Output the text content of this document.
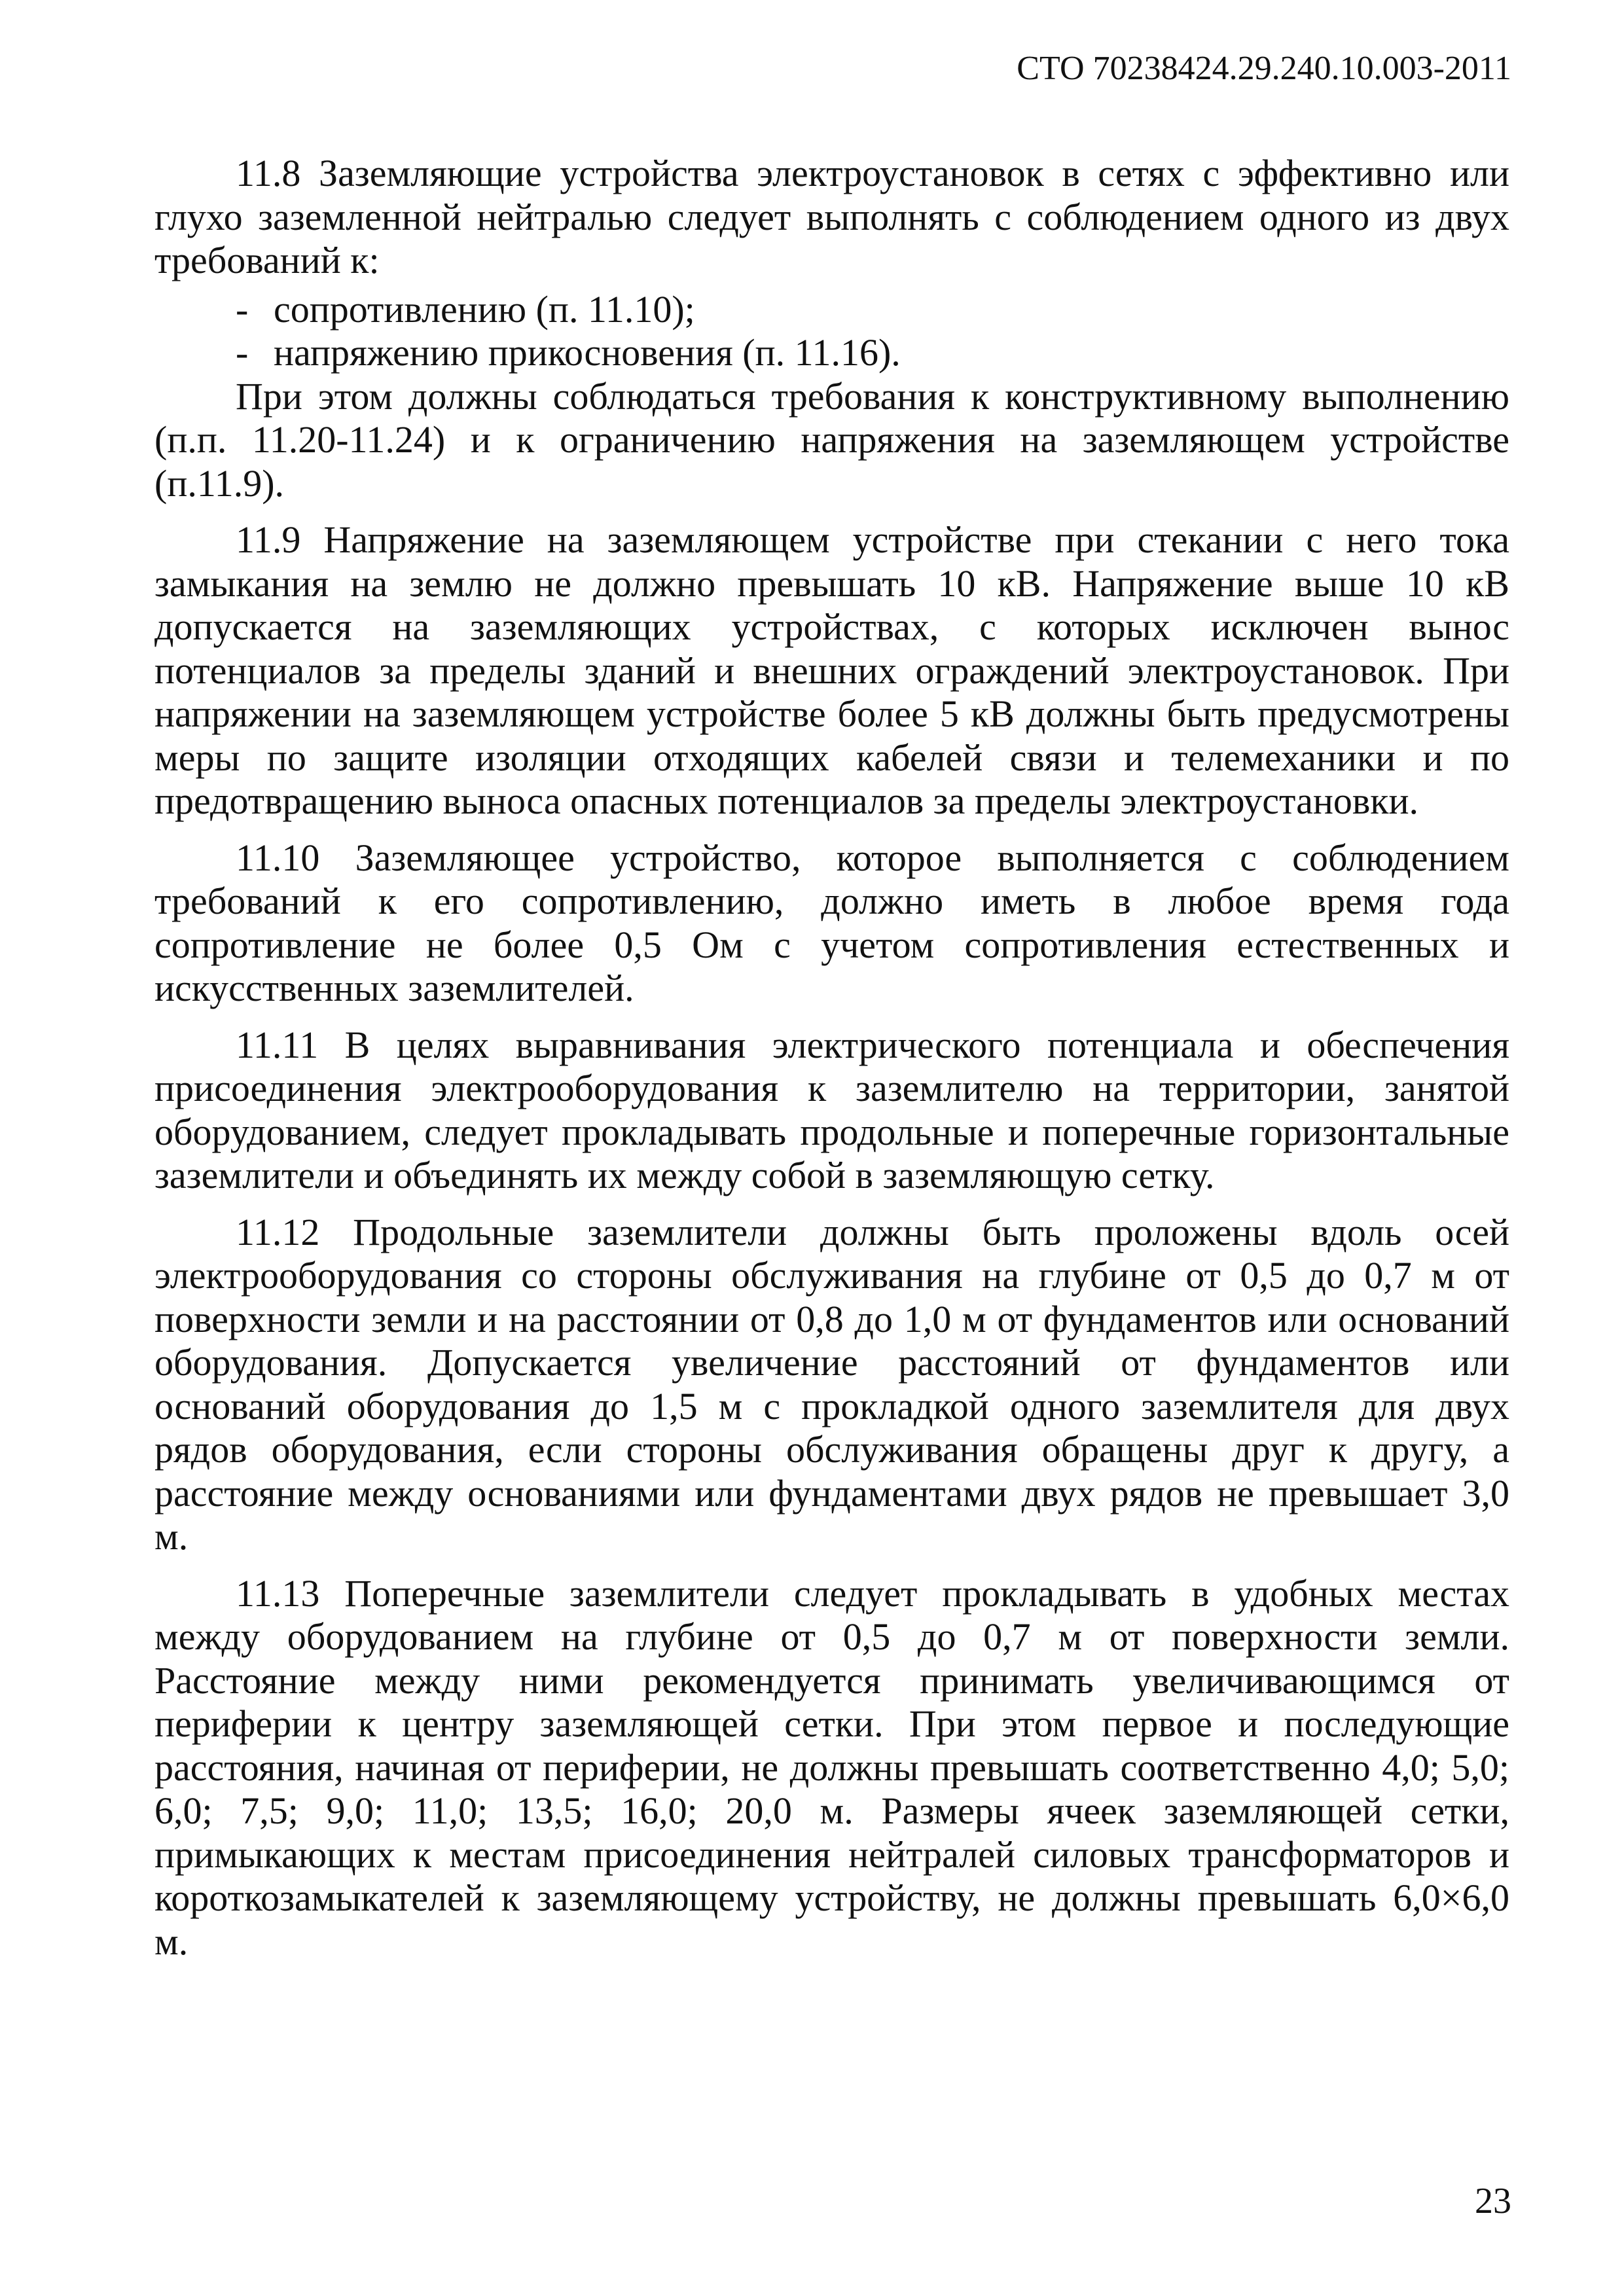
СТО 70238424.29.240.10.003-2011
11.8 Заземляющие устройства электроустановок в сетях с эффективно или
глухо заземленной нейтралью следует выполнять с соблюдением одного из двух
требований к:
- сопротивлению (п. 11.10);
- напряжению прикосновения (п. 11.16).
При этом должны соблюдаться требования к конструктивному выполнению
(п.п. 11.20-11.24) и к ограничению напряжения на заземляющем устройстве
(п.11.9).
11.9 Напряжение на заземляющем устройстве при стекании с него тока
замыкания на землю не должно превышать 10 кВ. Напряжение выше 10 кВ
допускается на заземляющих устройствах, с которых исключен вынос
потенциалов за пределы зданий и внешних ограждений электроустановок. При
напряжении на заземляющем устройстве более 5 кВ должны быть предусмотрены
меры по защите изоляции отходящих кабелей связи и телемеханики и по
предотвращению выноса опасных потенциалов за пределы электроустановки.
11.10 Заземляющее устройство, которое выполняется с соблюдением
требований к его сопротивлению, должно иметь в любое время года
сопротивление не более 0,5 Ом с учетом сопротивления естественных и
искусственных заземлителей.
11.11 В целях выравнивания электрического потенциала и обеспечения
присоединения электрооборудования к заземлителю на территории, занятой
оборудованием, следует прокладывать продольные и поперечные горизонтальные
заземлители и объединять их между собой в заземляющую сетку.
11.12 Продольные заземлители должны быть проложены вдоль осей
электрооборудования со стороны обслуживания на глубине от 0,5 до 0,7 м от
поверхности земли и на расстоянии от 0,8 до 1,0 м от фундаментов или оснований
оборудования. Допускается увеличение расстояний от фундаментов или
оснований оборудования до 1,5 м с прокладкой одного заземлителя для двух
рядов оборудования, если стороны обслуживания обращены друг к другу, а
расстояние между основаниями или фундаментами двух рядов не превышает 3,0
м.
11.13 Поперечные заземлители следует прокладывать в удобных местах
между оборудованием на глубине от 0,5 до 0,7 м от поверхности земли.
Расстояние между ними рекомендуется принимать увеличивающимся от
периферии к центру заземляющей сетки. При этом первое и последующие
расстояния, начиная от периферии, не должны превышать соответственно 4,0; 5,0;
6,0; 7,5; 9,0; 11,0; 13,5; 16,0; 20,0 м. Размеры ячеек заземляющей сетки,
примыкающих к местам присоединения нейтралей силовых трансформаторов и
короткозамыкателей к заземляющему устройству, не должны превышать 6,0×6,0
м.
23
